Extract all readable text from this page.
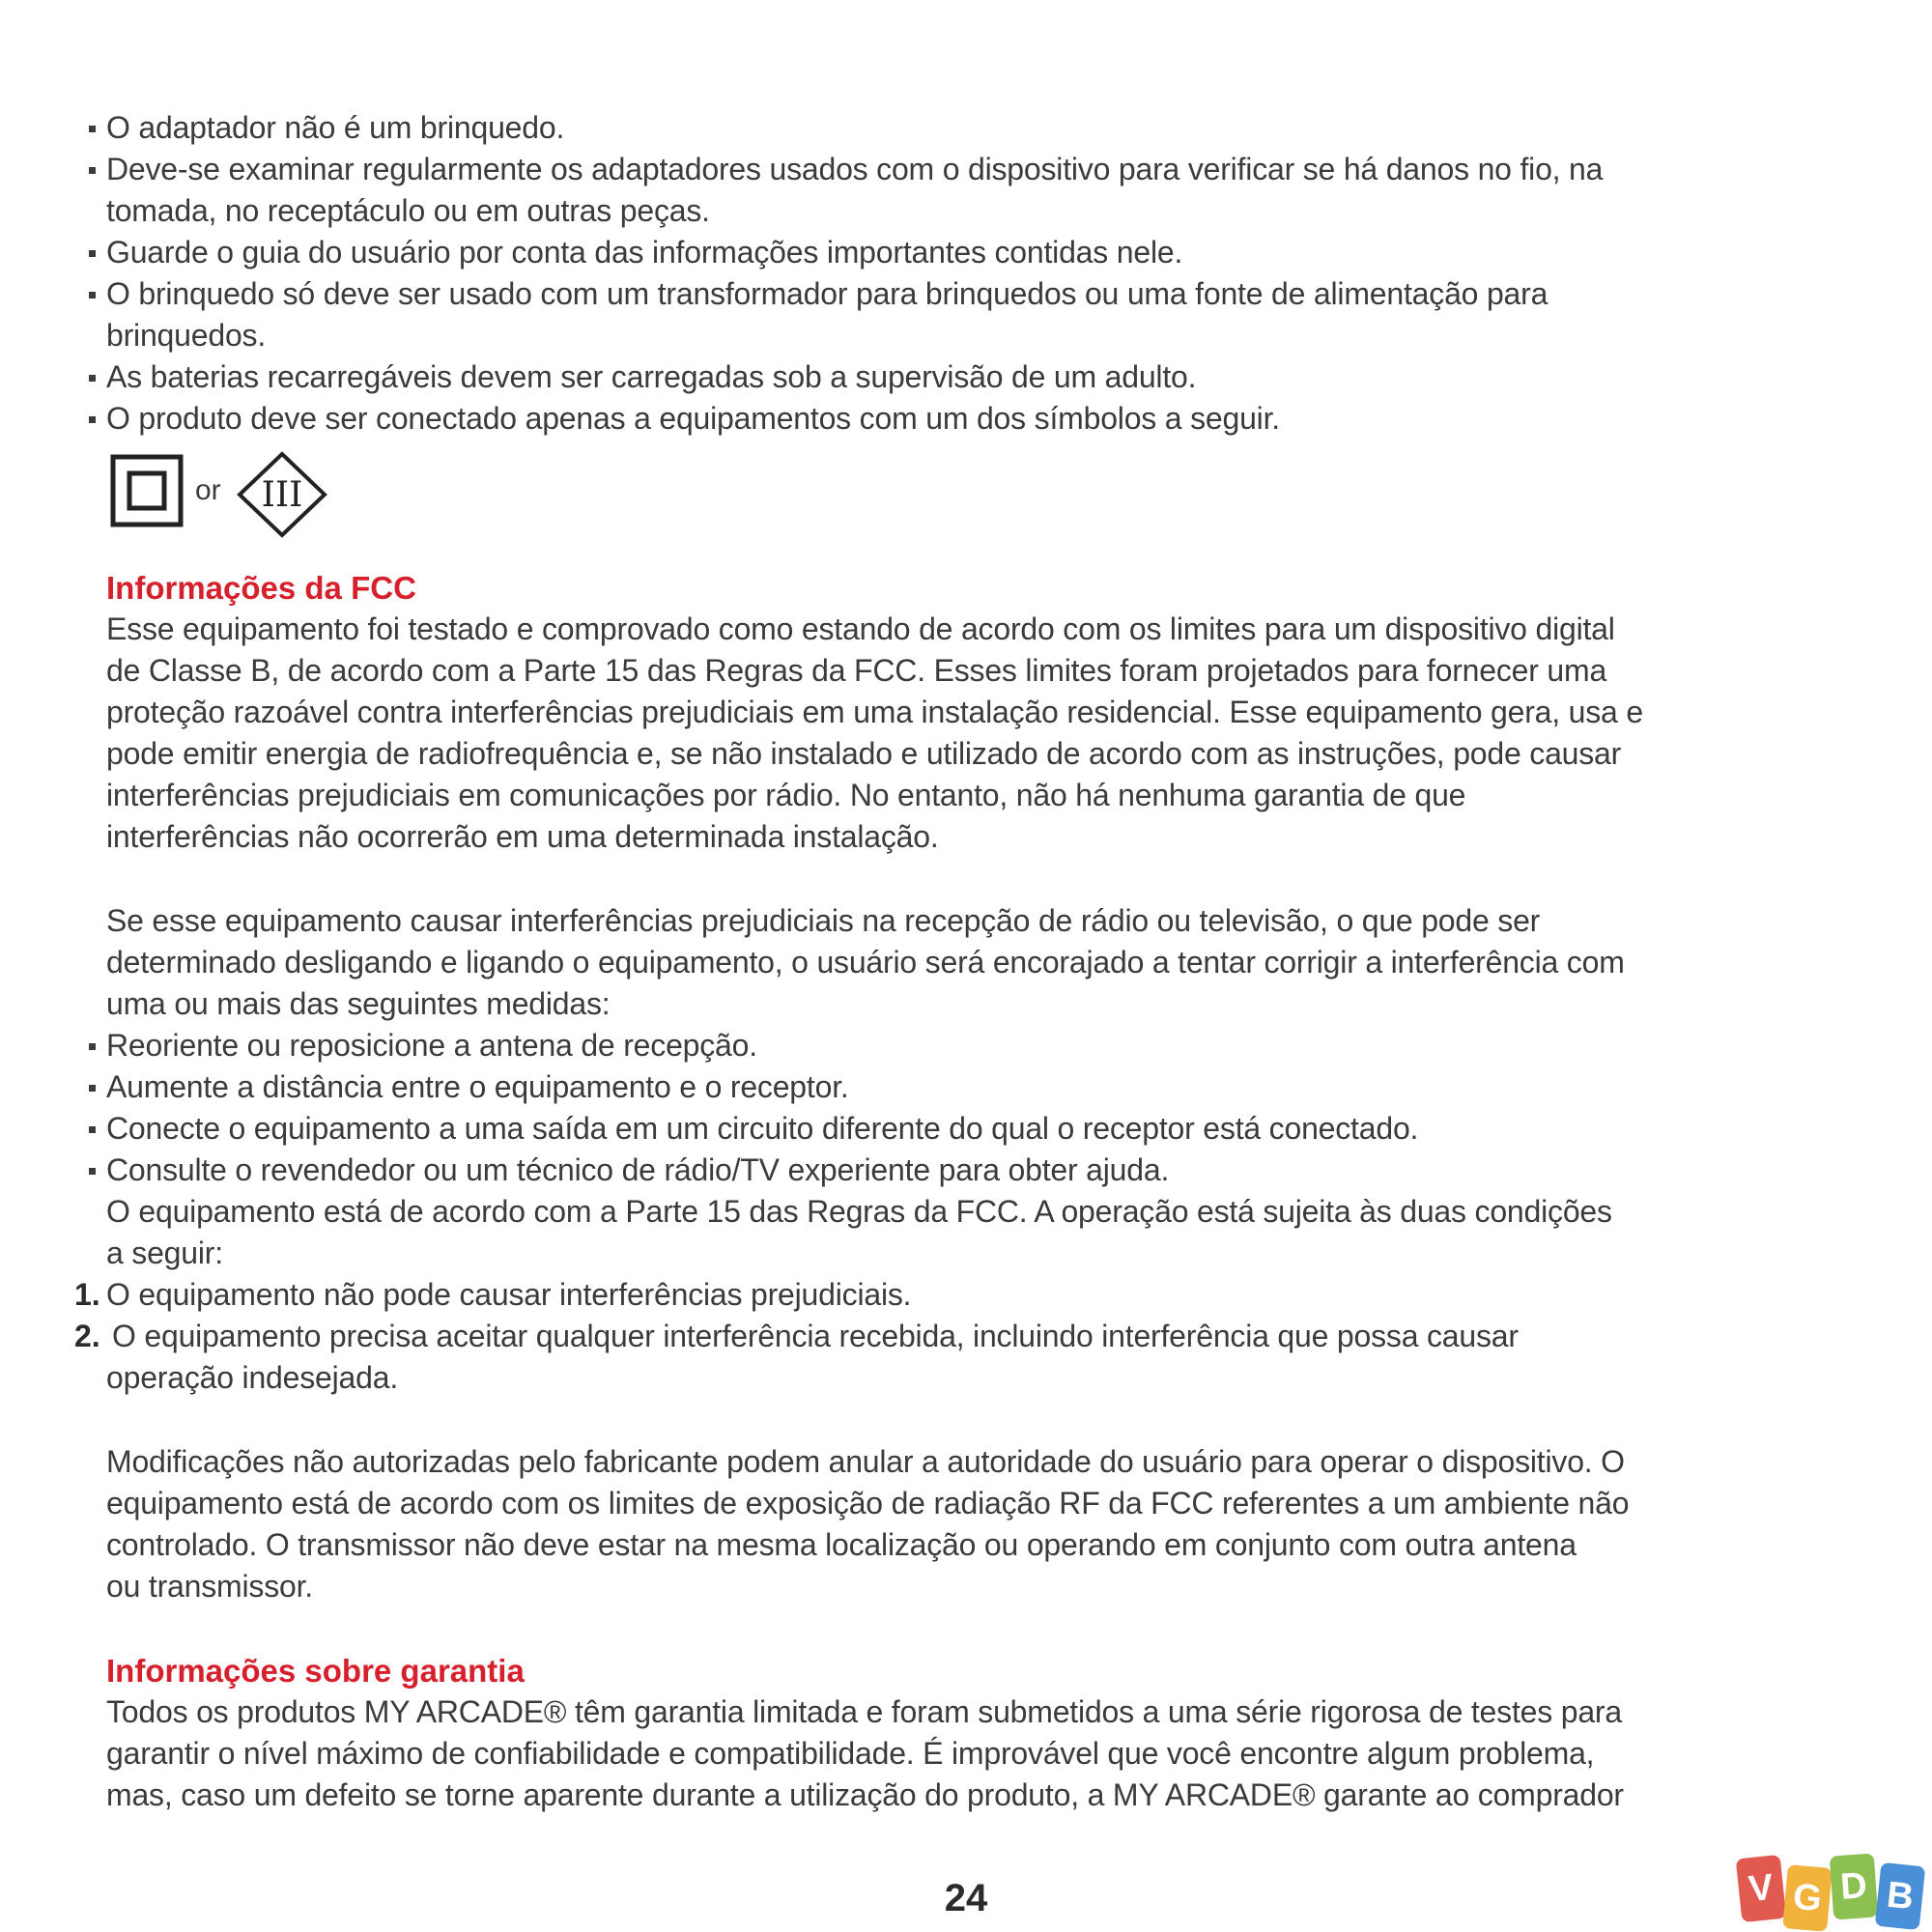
O adaptador não é um brinquedo.
Deve-se examinar regularmente os adaptadores usados com o dispositivo para verificar se há danos no fio, na
tomada, no receptáculo ou em outras peças.
Guarde o guia do usuário por conta das informações importantes contidas nele.
O brinquedo só deve ser usado com um transformador para brinquedos ou uma fonte de alimentação para
brinquedos.
As baterias recarregáveis devem ser carregadas sob a supervisão de um adulto.
O produto deve ser conectado apenas a equipamentos com um dos símbolos a seguir.
or III
Informações da FCC
Esse equipamento foi testado e comprovado como estando de acordo com os limites para um dispositivo digital
de Classe B, de acordo com a Parte 15 das Regras da FCC. Esses limites foram projetados para fornecer uma
proteção razoável contra interferências prejudiciais em uma instalação residencial. Esse equipamento gera, usa e
pode emitir energia de radiofrequência e, se não instalado e utilizado de acordo com as instruções, pode causar
interferências prejudiciais em comunicações por rádio. No entanto, não há nenhuma garantia de que
interferências não ocorrerão em uma determinada instalação.
Se esse equipamento causar interferências prejudiciais na recepção de rádio ou televisão, o que pode ser
determinado desligando e ligando o equipamento, o usuário será encorajado a tentar corrigir a interferência com
uma ou mais das seguintes medidas:
Reoriente ou reposicione a antena de recepção.
Aumente a distância entre o equipamento e o receptor.
Conecte o equipamento a uma saída em um circuito diferente do qual o receptor está conectado.
Consulte o revendedor ou um técnico de rádio/TV experiente para obter ajuda.
O equipamento está de acordo com a Parte 15 das Regras da FCC. A operação está sujeita às duas condições
a seguir:
1. O equipamento não pode causar interferências prejudiciais.
2. O equipamento precisa aceitar qualquer interferência recebida, incluindo interferência que possa causar
operação indesejada.
Modificações não autorizadas pelo fabricante podem anular a autoridade do usuário para operar o dispositivo. O
equipamento está de acordo com os limites de exposição de radiação RF da FCC referentes a um ambiente não
controlado. O transmissor não deve estar na mesma localização ou operando em conjunto com outra antena
ou transmissor.
Informações sobre garantia
Todos os produtos MY ARCADE® têm garantia limitada e foram submetidos a uma série rigorosa de testes para
garantir o nível máximo de confiabilidade e compatibilidade. É improvável que você encontre algum problema,
mas, caso um defeito se torne aparente durante a utilização do produto, a MY ARCADE® garante ao comprador
24	V G D B
